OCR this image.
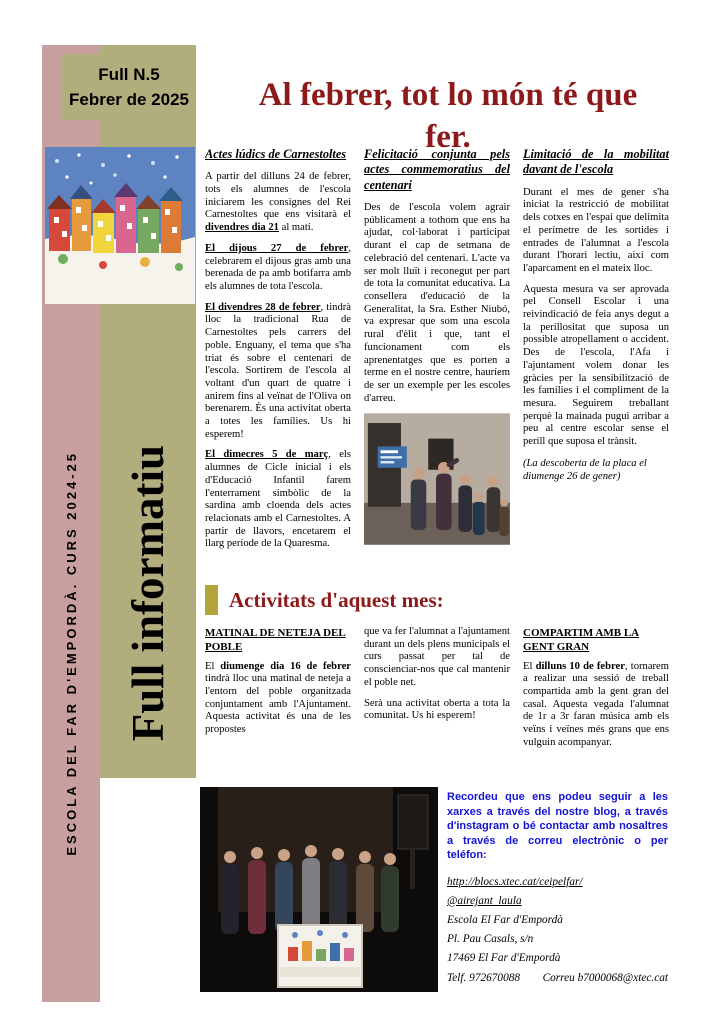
Full N.5
Febrer de 2025
ESCOLA DEL FAR D'EMPORDÀ. CURS 2024-25 Full informatiu
Al febrer, tot lo món té que fer.
Actes lúdics de Carnestoltes

A partir del dilluns 24 de febrer, tots els alumnes de l'escola iniciarem les consignes del Rei Carnestoltes que ens visitarà el divendres dia 21 al matí.

El dijous 27 de febrer, celebrarem el dijous gras amb una berenada de pa amb botifarra amb els alumnes de tota l'escola.

El divendres 28 de febrer, tindrà lloc la tradicional Rua de Carnestoltes pels carrers del poble. Enguany, el tema que s'ha triat és sobre el centenari de l'escola. Sortirem de l'escola al voltant d'un quart de quatre i anirem fins al veïnat de l'Oliva on berenarem. És una activitat oberta a totes les famílies. Us hi esperem!

El dimecres 5 de març, els alumnes de Cicle inicial i els d'Educació Infantil farem l'enterrament simbòlic de la sardina amb cloenda dels actes relacionats amb el Carnestoltes. A partir de llavors, encetarem el llarg període de la Quaresma.

Felicitació conjunta pels actes commemoratius del centenari

Des de l'escola volem agrair públicament a tothom que ens ha ajudat, col·laborat i participat durant el cap de setmana de celebració del centenari. L'acte va ser molt lluït i reconegut per part de tota la comunitat educativa. La consellera d'educació de la Generalitat, la Sra. Esther Niubó, va expresar que som una escola rural d'èlit i que, tant el funcionament com els aprenentatges que es porten a terme en el nostre centre, hauríem de ser un exemple per les escoles d'arreu.

Limitació de la mobilitat davant de l'escola

Durant el mes de gener s'ha iniciat la restricció de mobilitat dels cotxes en l'espai que delimita el perímetre de les sortides i entrades de l'alumnat a l'escola durant l'horari lectiu, així com l'aparcament en el mateix lloc.

Aquesta mesura va ser aprovada pel Consell Escolar i una reivindicació de feia anys degut a la perillositat que suposa un possible atropellament o accident. Des de l'escola, l'Afa i l'ajuntament volem donar les gràcies per la sensibilització de les famílies i el compliment de la mesura. Seguirem treballant perquè la mainada pugui arribar a peu al centre escolar sense el perill que suposa el trànsit.

(La descoberta de la placa el diumenge 26 de gener)
Activitats d'aquest mes:
MATINAL DE NETEJA DEL POBLE

El diumenge dia 16 de febrer tindrà lloc una matinal de neteja a l'entorn del poble organitzada conjuntament amb l'Ajuntament. Aquesta activitat és una de les propostes

que va fer l'alumnat a l'ajuntament durant un dels plens municipals el curs passat per tal de conscienciar-nos que cal mantenir el poble net.

Serà una activitat oberta a tota la comunitat. Us hi esperem!

COMPARTIM AMB LA GENT GRAN

El dilluns 10 de febrer, tornarem a realizar una sessió de treball compartida amb la gent gran del casal. Aquesta vegada l'alumnat de 1r a 3r faran música amb els veïns i veïnes més grans que ens vulguin acompanyar.

Recordeu que ens podeu seguir a les xarxes a través del nostre blog, a través d'instagram o bé contactar amb nosaltres a través de correu electrònic o per teléfon:

http://blocs.xtec.cat/ceipelfar/
@airejant_laula
Escola El Far d'Empordà
Pl. Pau Casals, s/n
17469 El Far d'Empordà
Telf. 972670088 Correu b7000068@xtec.cat
